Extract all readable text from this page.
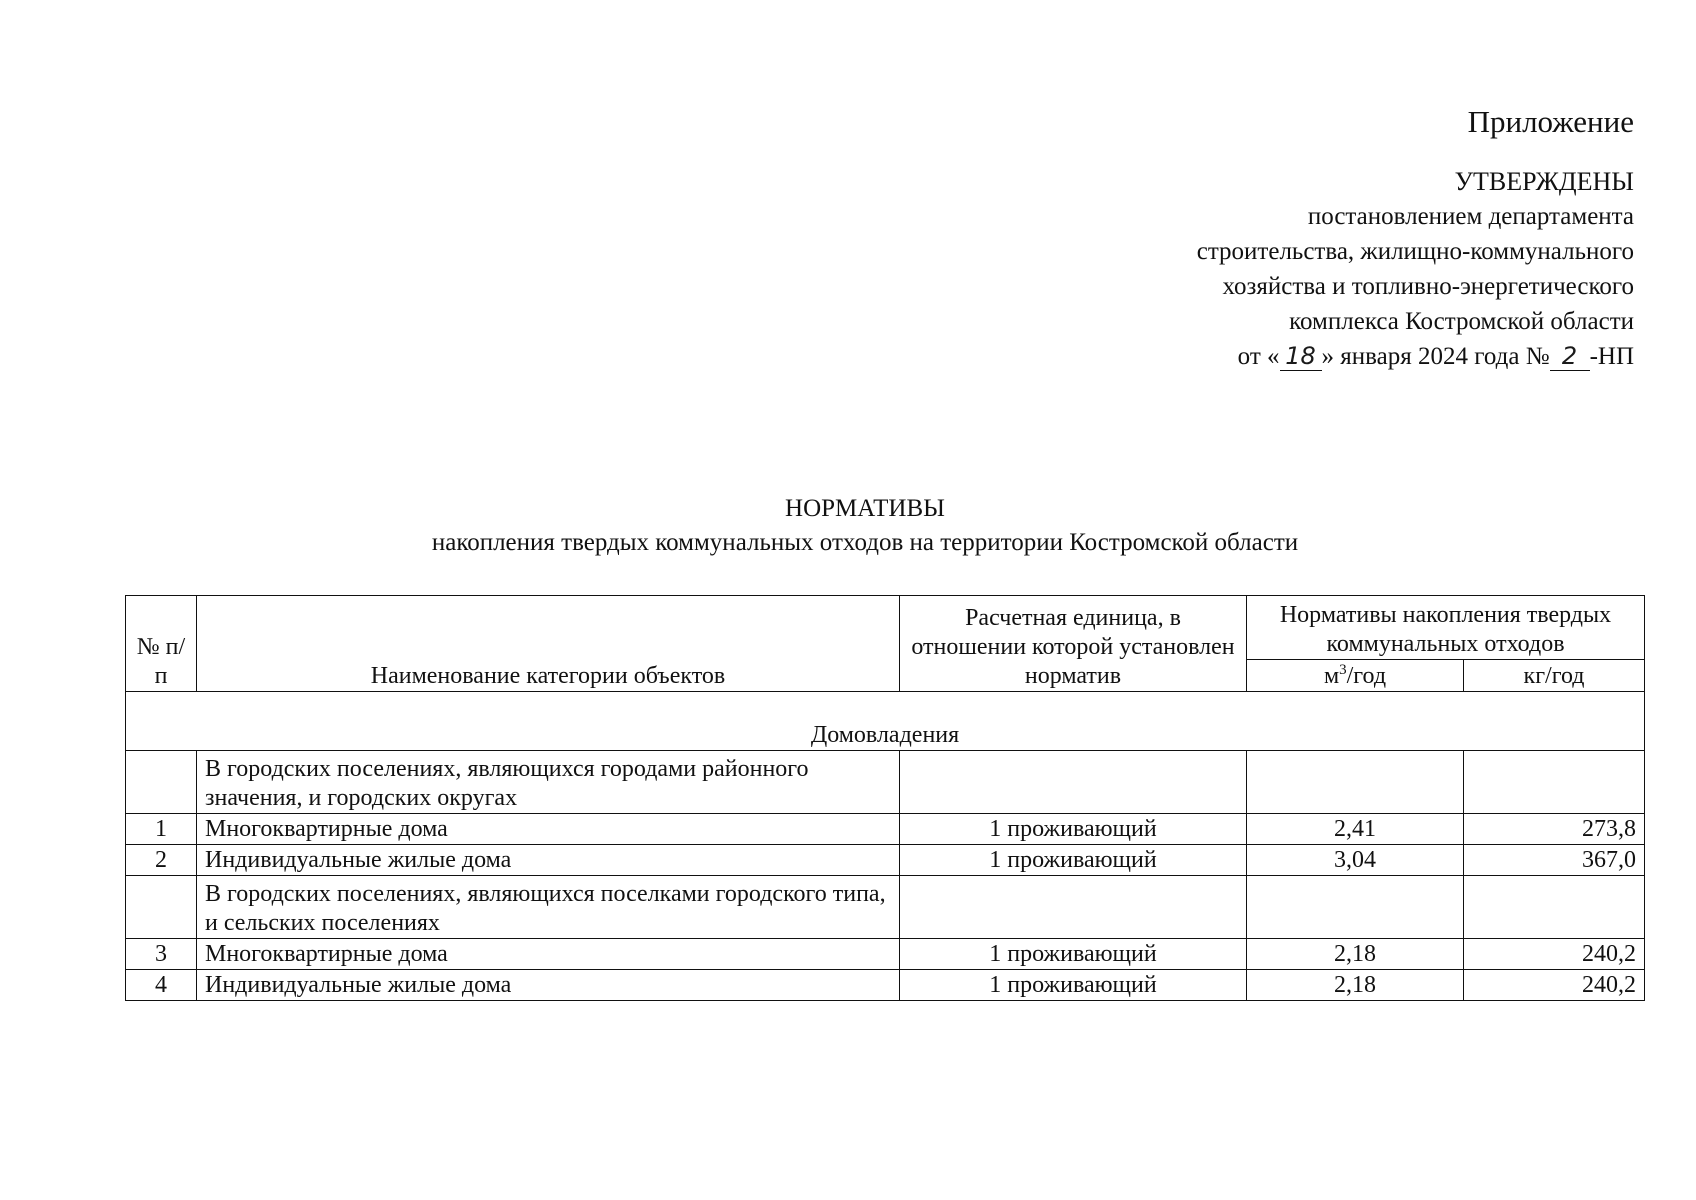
Приложение
УТВЕРЖДЕНЫ
постановлением департамента
строительства, жилищно-коммунального
хозяйства и топливно-энергетического
комплекса Костромской области
от « 18 » января 2024 года № 2 -НП
НОРМАТИВЫ
накопления твердых коммунальных отходов на территории Костромской области
№ п/п	Наименование категории объектов	Расчетная единица, в отношении которой установлен норматив	Нормативы накопления твердых коммунальных отходов	
			$м^3$/год	кг/год
Домовладения				
	В городских поселениях, являющихся городами районного значения, и городских округах			
1	Многоквартирные дома	1 проживающий	2,41	273,8
2	Индивидуальные жилые дома	1 проживающий	3,04	367,0
	В городских поселениях, являющихся поселками городского типа, и сельских поселениях			
3	Многоквартирные дома	1 проживающий	2,18	240,2
4	Индивидуальные жилые дома	1 проживающий	2,18	240,2
